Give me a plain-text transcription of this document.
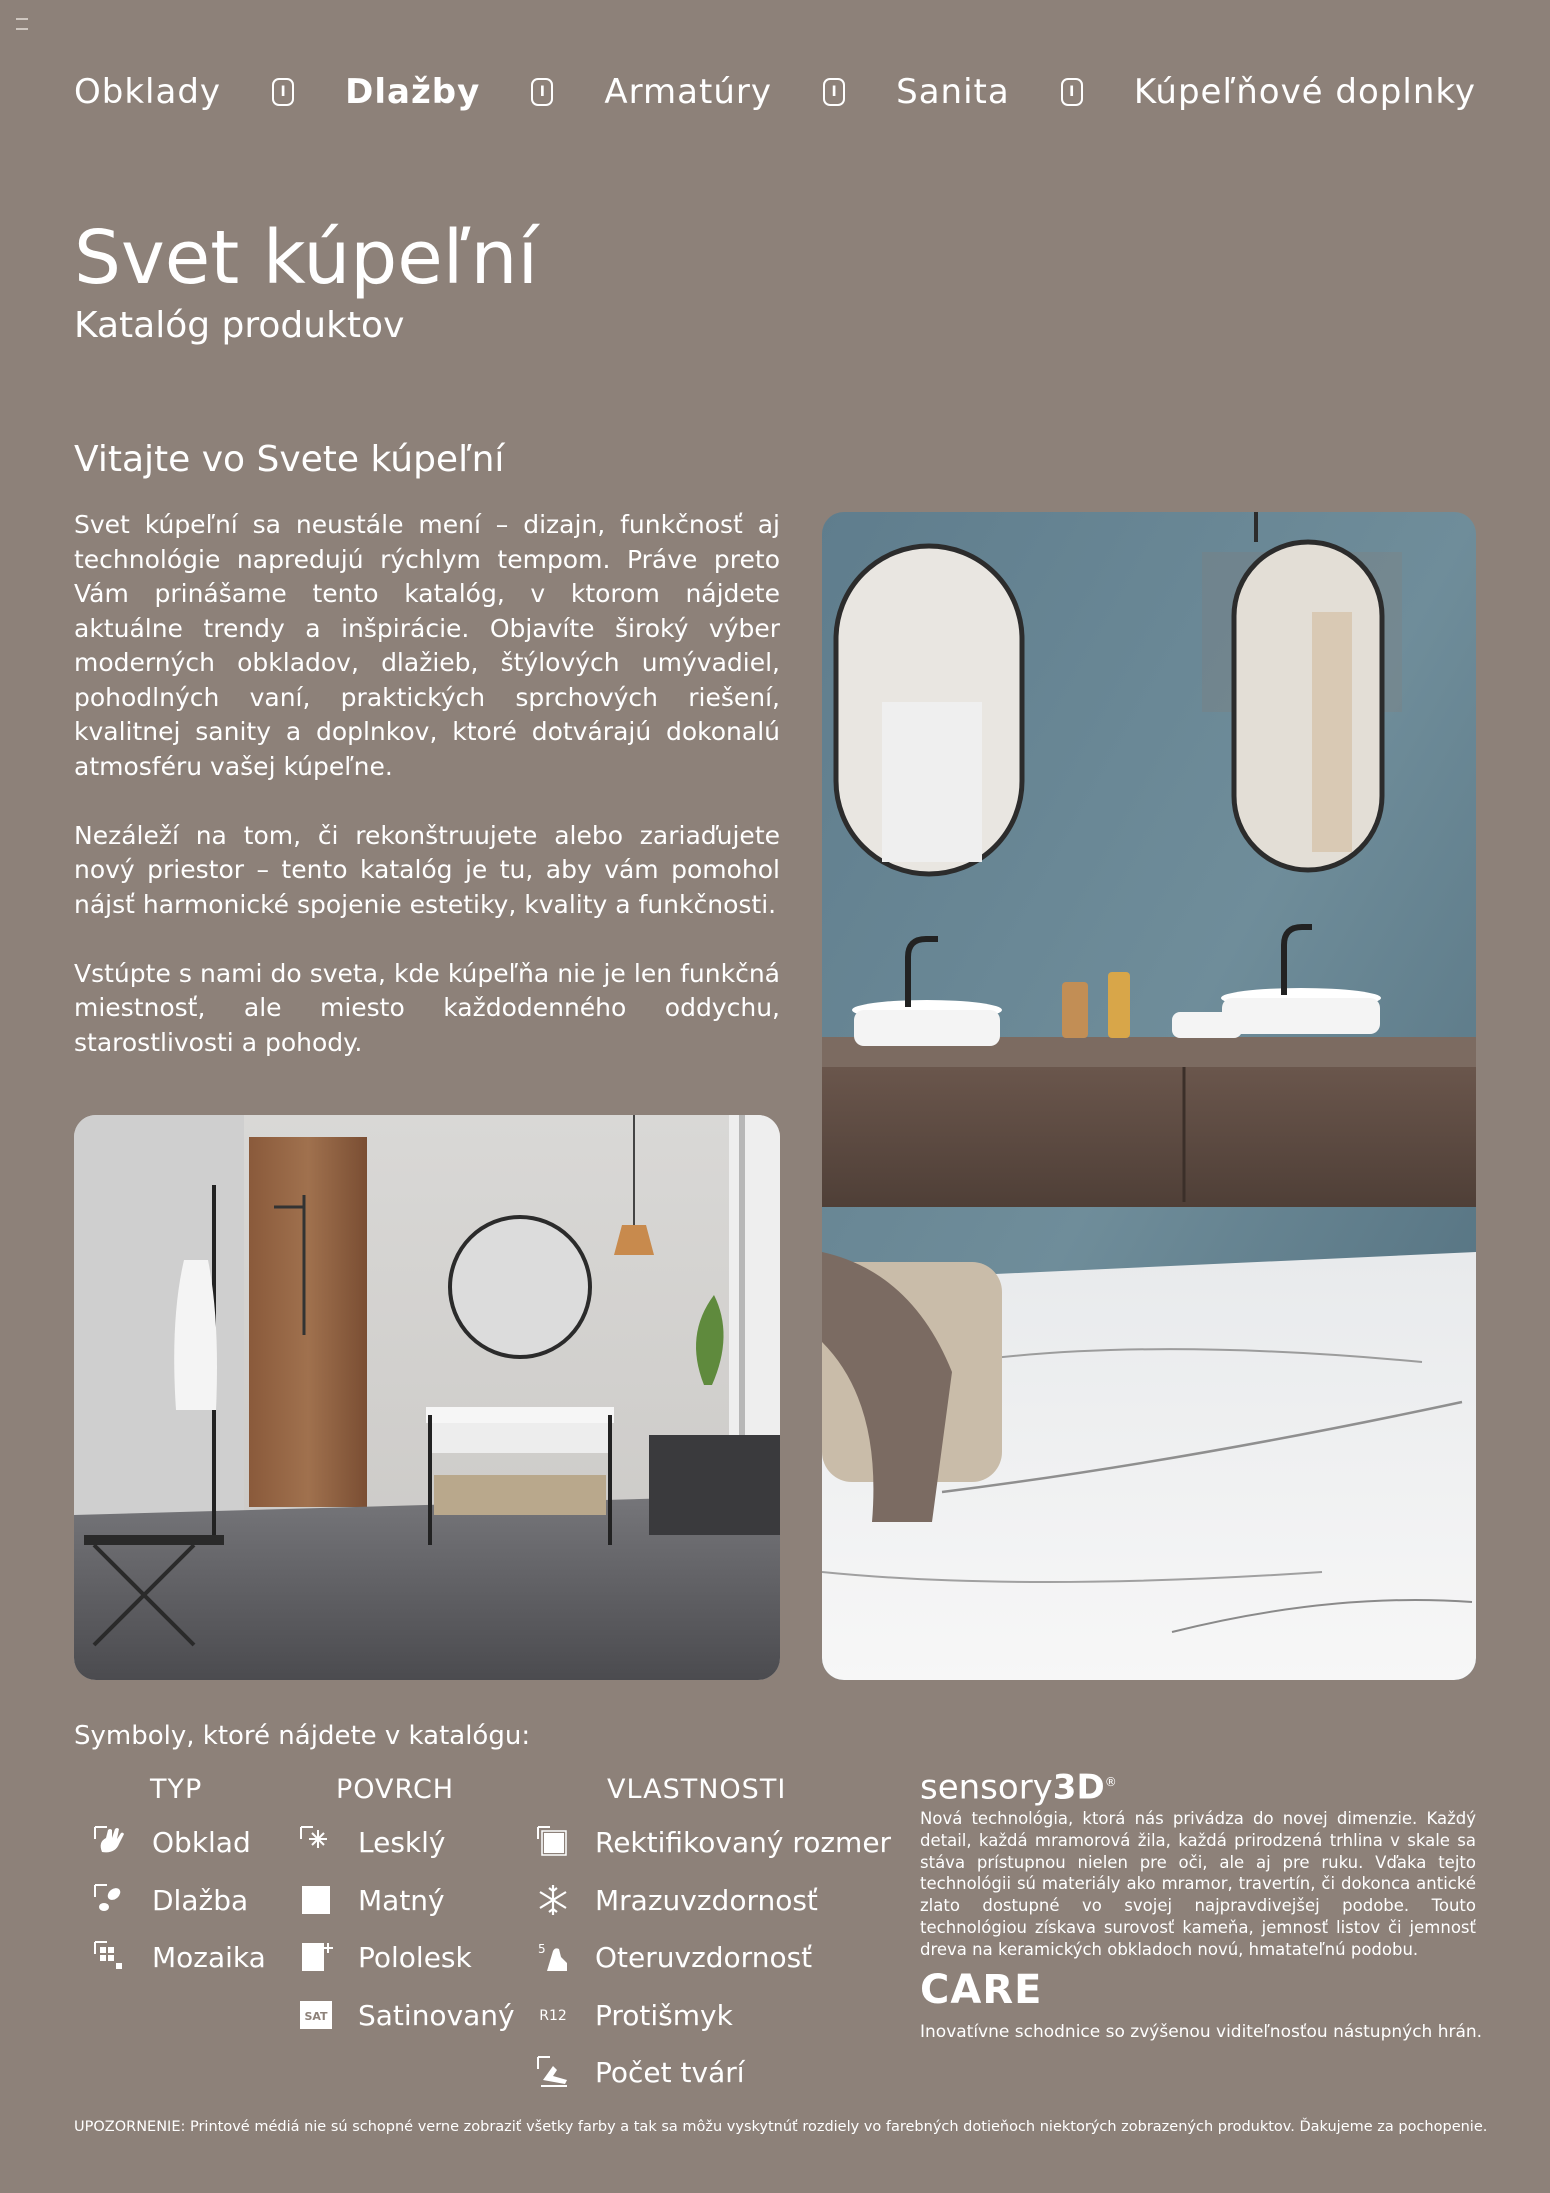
Obklady	I Dlažby	I Armatúry	I Sanita	I Kúpeľňové doplnky
Svet kúpeľní
Katalóg produktov
Vitajte vo Svete kúpeľní

Svet kúpeľní sa neustále mení – dizajn, funkčnosť aj technológie napredujú rýchlym tempom. Práve preto Vám prinášame tento katalóg, v ktorom nájdete aktuálne trendy a inšpirácie. Objavíte široký výber moderných obkladov, dlažieb, štýlových umývadiel, pohodlných vaní, praktických sprchových riešení, kvalitnej sanity a doplnkov, ktoré dotvárajú dokonalú atmosféru vašej kúpeľne.

Nezáleží na tom, či rekonštruujete alebo zariaďujete nový priestor – tento katalóg je tu, aby vám pomohol nájsť harmonické spojenie estetiky, kvality a funkčnosti.

Vstúpte s nami do sveta, kde kúpeľňa nie je len funkčná miestnosť, ale miesto každodenného oddychu, starostlivosti a pohody.

Symboly, ktoré nájdete v katalógu:
TYP	POVRCH	VLASTNOSTI
Obklad
Dlažba
Mozaika
Lesklý
Matný
Pololesk
SAT Satinovaný
Rektifikovaný rozmer
Mrazuvzdornosť
5 Oteruvzdornosť
R12 Protišmyk
Počet tvárí
sensory3D®
Nová technológia, ktorá nás privádza do novej dimenzie. Každý detail, každá mramorová žila, každá prirodzená trhlina v skale sa stáva prístupnou nielen pre oči, ale aj pre ruku. Vďaka tejto technológii sú materiály ako mramor, travertín, či dokonca antické zlato dostupné vo svojej najpravdivejšej podobe. Touto technológiou získava surovosť kameňa, jemnosť listov či jemnosť dreva na keramických obkladoch novú, hmatateľnú podobu.
CARE
Inovatívne schodnice so zvýšenou viditeľnosťou nástupných hrán.
UPOZORNENIE: Printové médiá nie sú schopné verne zobraziť všetky farby a tak sa môžu vyskytnúť rozdiely vo farebných dotieňoch niektorých zobrazených produktov. Ďakujeme za pochopenie.
